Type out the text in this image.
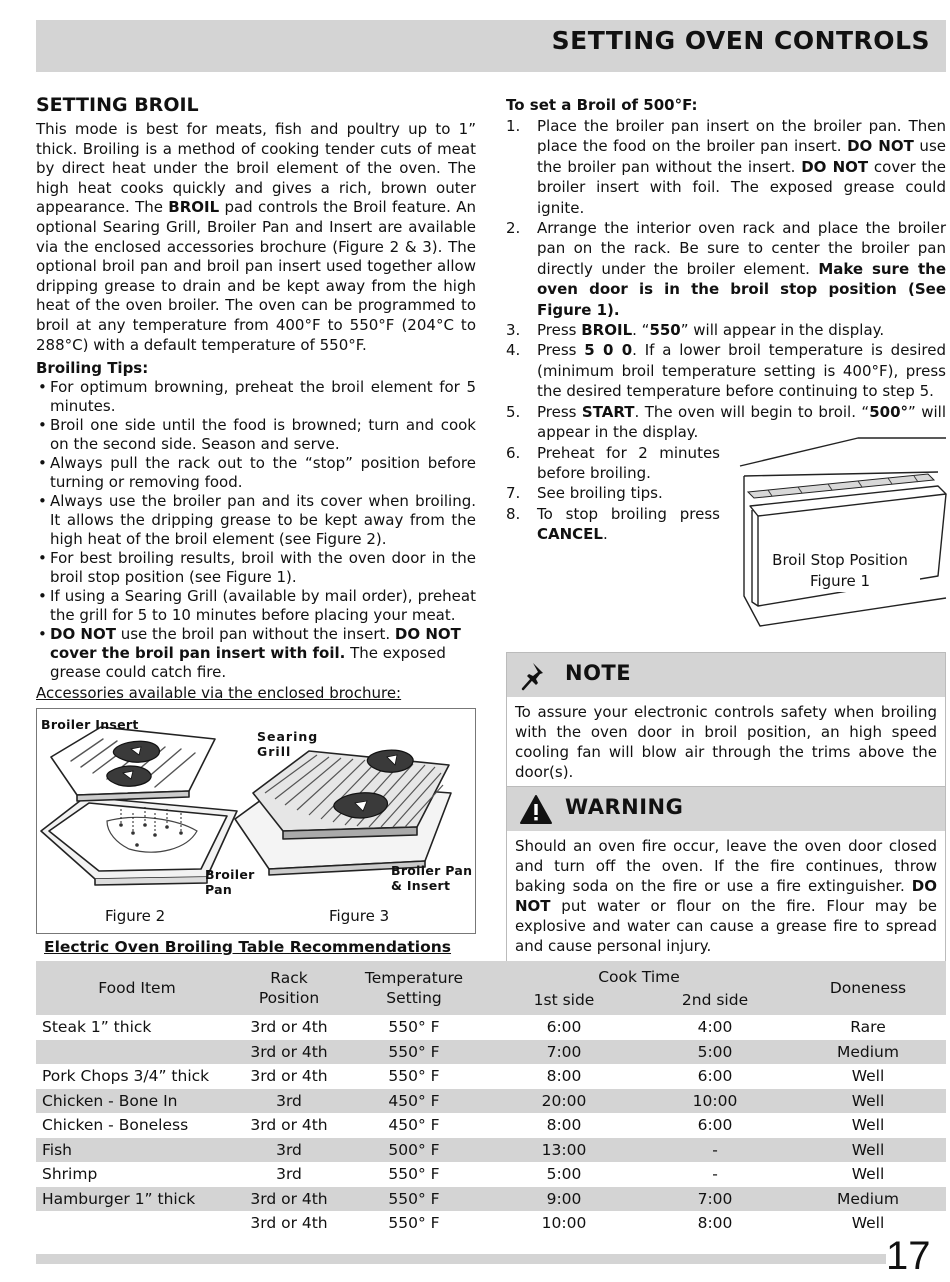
SETTING OVEN CONTROLS
SETTING BROIL

This mode is best for meats, fish and poultry up to 1” thick. Broiling is a method of cooking tender cuts of meat by direct heat under the broil element of the oven. The high heat cooks quickly and gives a rich, brown outer appearance. The BROIL pad controls the Broil feature. An optional Searing Grill, Broiler Pan and Insert are available via the enclosed accessories brochure (Figure 2 & 3). The optional broil pan and broil pan insert used together allow dripping grease to drain and be kept away from the high heat of the oven broiler. The oven can be programmed to broil at any temperature from 400°F to 550°F (204°C to 288°C) with a default temperature of 550°F.

Broiling Tips:
• For optimum browning, preheat the broil element for 5 minutes.
• Broil one side until the food is browned; turn and cook on the second side. Season and serve.
• Always pull the rack out to the “stop” position before turning or removing food.
• Always use the broiler pan and its cover when broiling. It allows the dripping grease to be kept away from the high heat of the broil element (see Figure 2).
• For best broiling results, broil with the oven door in the broil stop position (see Figure 1).
• If using a Searing Grill (available by mail order), preheat the grill for 5 to 10 minutes before placing your meat.
• DO NOT use the broil pan without the insert. DO NOT cover the broil pan insert with foil. The exposed grease could catch fire.
Accessories available via the enclosed brochure:
Broiler Insert
Broiler Pan
Searing Grill
Broiler Pan & Insert
Figure 2	Figure 3
To set a Broil of 500°F:
1. Place the broiler pan insert on the broiler pan. Then place the food on the broiler pan insert. DO NOT use the broiler pan without the insert. DO NOT cover the broiler insert with foil. The exposed grease could ignite.
2. Arrange the interior oven rack and place the broiler pan on the rack. Be sure to center the broiler pan directly under the broiler element. Make sure the oven door is in the broil stop position (See Figure 1).
3. Press BROIL. “550” will appear in the display.
4. Press 5 0 0. If a lower broil temperature is desired (minimum broil temperature setting is 400°F), press the desired temperature before continuing to step 5.
5. Press START. The oven will begin to broil. “500°” will appear in the display.
6. Preheat for 2 minutes before broiling.
7. See broiling tips.
8. To stop broiling press CANCEL.
Broil Stop Position
Figure 1
NOTE
To assure your electronic controls safety when broiling with the oven door in broil position, an high speed cooling fan will blow air through the trims above the door(s).
WARNING
Should an oven fire occur, leave the oven door closed and turn off the oven. If the fire continues, throw baking soda on the fire or use a fire extinguisher. DO NOT put water or flour on the fire. Flour may be explosive and water can cause a grease fire to spread and cause personal injury.
Electric Oven Broiling Table Recommendations
Food Item	Rack Position	Temperature Setting	Cook Time		Doneness
			1st side	2nd side	
Steak 1” thick	3rd or 4th	550° F	6:00	4:00	Rare
	3rd or 4th	550° F	7:00	5:00	Medium
Pork Chops 3/4” thick	3rd or 4th	550° F	8:00	6:00	Well
Chicken - Bone In	3rd	450° F	20:00	10:00	Well
Chicken - Boneless	3rd or 4th	450° F	8:00	6:00	Well
Fish	3rd	500° F	13:00	-	Well
Shrimp	3rd	550° F	5:00	-	Well
Hamburger 1” thick	3rd or 4th	550° F	9:00	7:00	Medium
	3rd or 4th	550° F	10:00	8:00	Well
17
